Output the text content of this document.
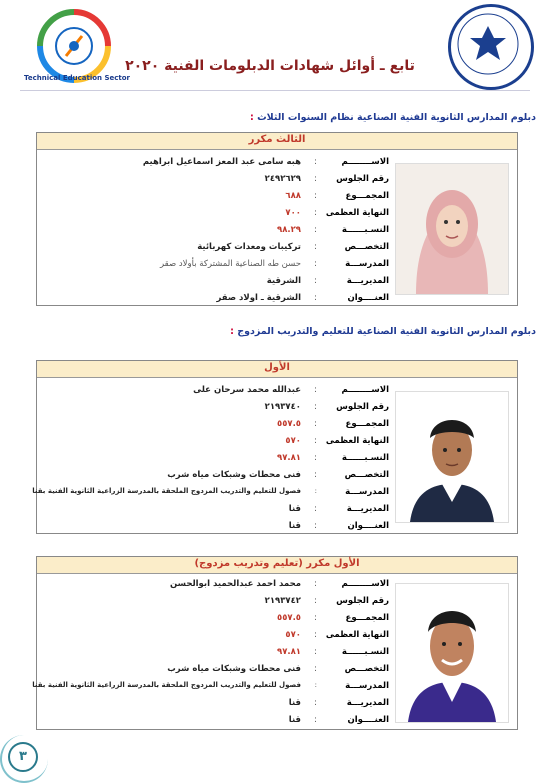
Technical Education Sector
تابع ـ أوائل شهادات الدبلومات الفنية ٢٠٢٠
دبلوم المدارس الثانوية الفنية الصناعية نظام السنوات الثلاث :
الثالث مكرر
الاســــــــم
:
هبه سامى عبد المعز اسماعيل ابراهيم
رقم الجلوس
:
٢٤٩٢٦٢٩
المجمـــوع
:
٦٨٨
النهاية العظمى
:
٧٠٠
النسـبــــــة
:
٩٨.٢٩
التخصـــص
:
تركيبات ومعدات كهربائية
المدرســـة
:
حسن طه الصناعية المشتركة بأولاد صقر
المديريـــة
:
الشرقية
العنــــوان
:
الشرقية ـ اولاد صقر
دبلوم المدارس الثانوية الفنية الصناعية للتعليم والتدريب المزدوج :
الأول
الاســــــــم
:
عبدالله محمد سرحان على
رقم الجلوس
:
٢١٩٣٧٤٠
المجمـــوع
:
٥٥٧.٥
النهاية العظمى
:
٥٧٠
النسـبــــــة
:
٩٧.٨١
التخصـــص
:
فنى محطات وشبكات مياه شرب
المدرســـة
:
فصول للتعليم والتدريب المزدوج الملحقة بالمدرسة الزراعية الثانوية الفنية بقنا
المديريـــة
:
قنا
العنــــوان
:
قنا
الأول مكرر (تعليم وتدريب مزدوج)
الاســــــــم
:
محمد احمد عبدالحميد ابوالحسن
رقم الجلوس
:
٢١٩٣٧٤٢
المجمـــوع
:
٥٥٧.٥
النهاية العظمى
:
٥٧٠
النسـبــــــة
:
٩٧.٨١
التخصـــص
:
فنى محطات وشبكات مياه شرب
المدرســـة
:
فصول للتعليم والتدريب المزدوج الملحقة بالمدرسة الزراعية الثانوية الفنية بقنا
المديريـــة
:
قنا
العنــــوان
:
قنا
٣
